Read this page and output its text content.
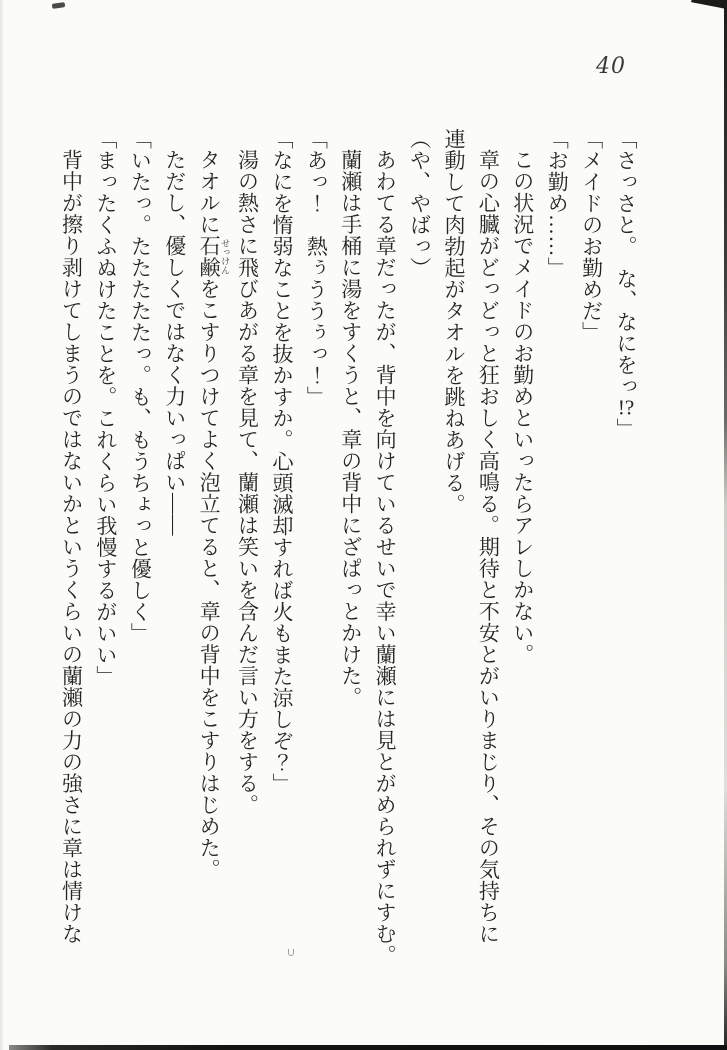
40

「さっさと。　な、なにをっ!?」

「メイドのお勤めだ」

「お勤め……」

この状況でメイドのお勤めといったらアレしかない。

章の心臓がどっどっと狂おしく高鳴る。期待と不安とがいりまじり、その気持ちに

連動して肉勃起がタオルを跳ねあげる。

（や、やばっ）

あわてる章だったが、背中を向けているせいで幸い蘭瀬には見とがめられずにすむ。

蘭瀬は手桶に湯をすくうと、章の背中にざぱっとかけた。

「あっ！　熱ぅううぅっ！」

「なにを惰弱なことを抜かすか。心頭滅却すれば火もまた涼しぞ？」

湯の熱さに飛びあがる章を見て、蘭瀬は笑いを含んだ言い方をする。

タオルに石鹸 せっけんをこすりつけてよく泡立てると、章の背中をこすりはじめた。

ただし、優しくではなく力いっぱい――

「いたっ。たたたたたっ。も、もうちょっと優しく」

「まったくふぬけたことを。これくらい我慢するがいい」

背中が擦り剥けてしまうのではないかというくらいの蘭瀬の力の強さに章は情けな
